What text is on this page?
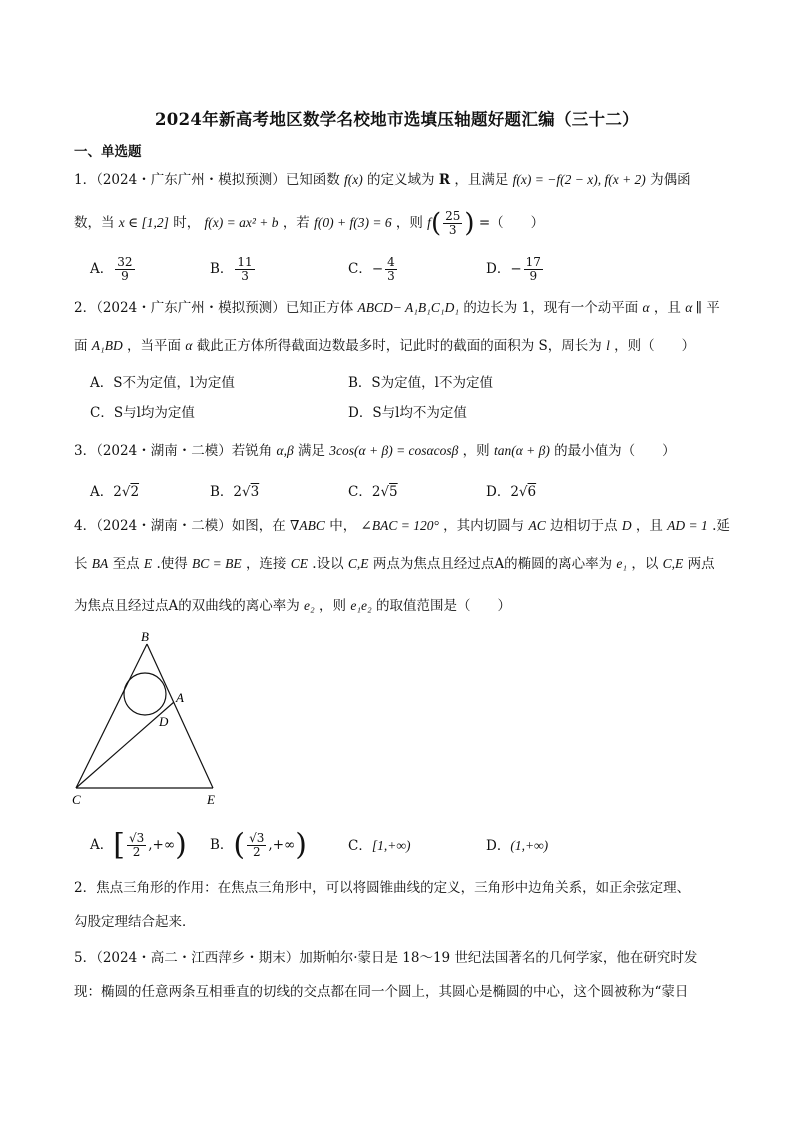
2024年新高考地区数学名校地市选填压轴题好题汇编（三十二）
一、单选题
1．（2024・广东广州・模拟预测）已知函数 f(x) 的定义域为 R ，且满足 f(x) = −f(2 − x), f(x + 2) 为偶函
数，当 x ∈ [1,2] 时， f(x) = ax² + b ，若 f(0) + f(3) = 6 ，则 $f( \frac{25}{3}$ ) =（　　）
A． $\frac{32}{9}$	B． $\frac{11}{3}$	C．− $\frac{4}{3}$	D．− $\frac{17}{9}$
2．（2024・广东广州・模拟预测）已知正方体 ABCD− A₁B₁C₁D₁ 的边长为 1，现有一个动平面 α ，且 α ∥ 平
面 A₁BD ，当平面 α 截此正方体所得截面边数最多时，记此时的截面的面积为 S，周长为 l ，则（　　）
A．S不为定值，l为定值	B．S为定值，l不为定值
C．S与l均为定值	D．S与l均不为定值
3．（2024・湖南・二模）若锐角 α,β 满足 3cos(α + β) = cosαcosβ ，则 tan(α + β) 的最小值为（　　）
A．2√2	B．2√3	C．2√5	D．2√6
4．（2024・湖南・二模）如图，在 ∇ABC 中， ∠BAC = 120° ，其内切圆与 AC 边相切于点 D ，且 AD = 1 .延
长 BA 至点 E .使得 BC = BE ，连接 CE .设以 C,E 两点为焦点且经过点A的椭圆的离心率为 e₁ ，以 C,E 两点
为焦点且经过点A的双曲线的离心率为 e₂ ，则 e₁e₂ 的取值范围是（　　）
B
A
D
C	E
A．[ $\frac{√3}{2}$ ,+∞) B．( $\frac{√3}{2}$ ,+∞)	C．[1,+∞)	D．(1,+∞)
2．焦点三角形的作用：在焦点三角形中，可以将圆锥曲线的定义，三角形中边角关系，如正余弦定理、
勾股定理结合起来．
5．（2024・高二・江西萍乡・期末）加斯帕尔·蒙日是 18～19 世纪法国著名的几何学家，他在研究时发
现：椭圆的任意两条互相垂直的切线的交点都在同一个圆上，其圆心是椭圆的中心，这个圆被称为“蒙日
